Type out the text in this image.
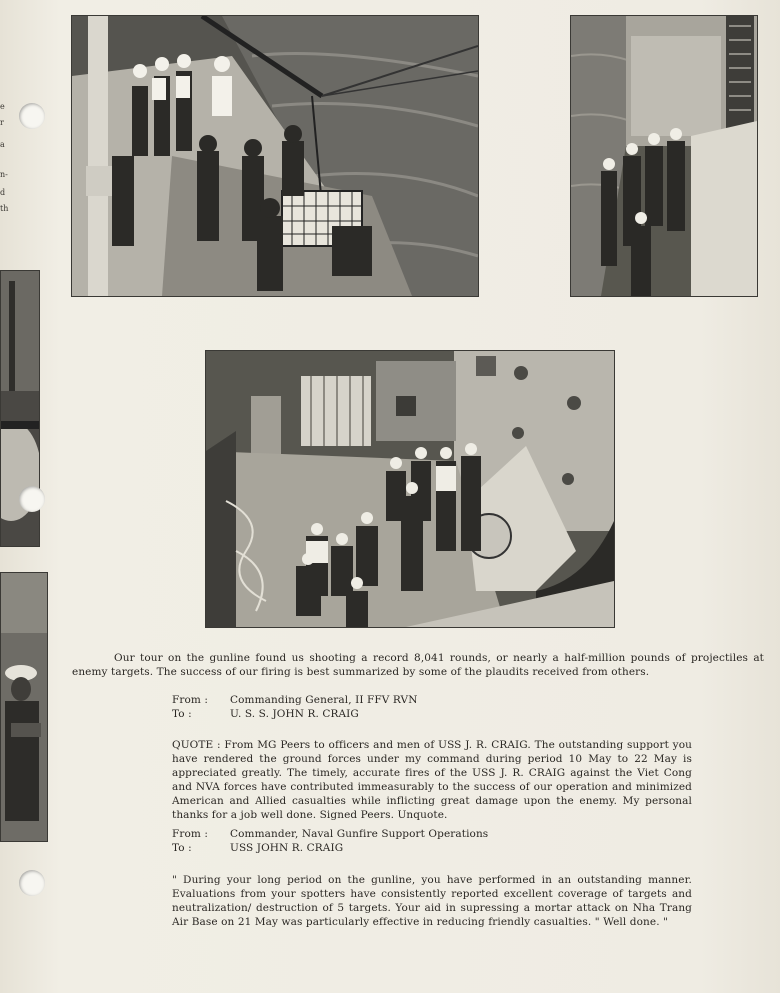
e
r
a
n-
d
th
Our tour on the gunline found us shooting a record 8,041 rounds, or nearly a half-million pounds of projectiles at enemy targets. The success of our firing is best summarized by some of the plaudits received from others.
From :	Commanding General, II FFV RVN
To :	U. S. S. JOHN R. CRAIG
QUOTE : From MG Peers to officers and men of USS J. R. CRAIG. The outstanding support you have rendered the ground forces under my command during period 10 May to 22 May is appreciated greatly. The timely, accurate fires of the USS J. R. CRAIG against the Viet Cong and NVA forces have contributed immeasurably to the success of our operation and minimized American and Allied casualties while inflicting great damage upon the enemy. My personal thanks for a job well done. Signed Peers. Unquote.
From :	Commander, Naval Gunfire Support Operations
To :	USS JOHN R. CRAIG
" During your long period on the gunline, you have performed in an outstanding manner. Evaluations from your spotters have consistently reported excellent coverage of targets and neutralization/ destruction of 5 targets. Your aid in supressing a mortar attack on Nha Trang Air Base on 21 May was particularly effective in reducing friendly casualties. " Well done. "
